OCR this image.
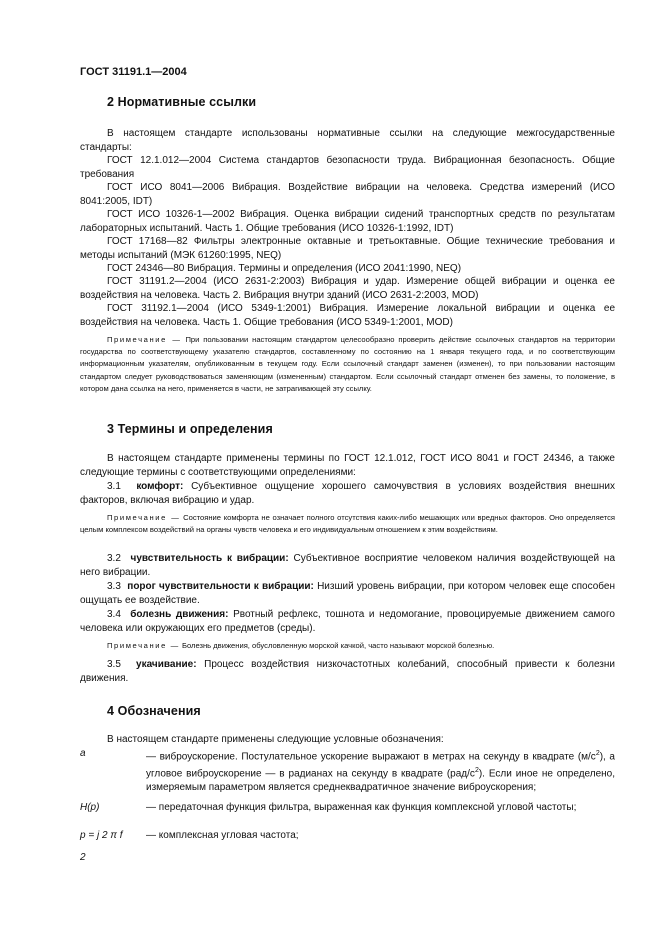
ГОСТ 31191.1—2004
2 Нормативные ссылки
В настоящем стандарте использованы нормативные ссылки на следующие межгосударственные стандарты:
ГОСТ 12.1.012—2004 Система стандартов безопасности труда. Вибрационная безопасность. Общие требования
ГОСТ ИСО 8041—2006 Вибрация. Воздействие вибрации на человека. Средства измерений (ИСО 8041:2005, IDT)
ГОСТ ИСО 10326-1—2002 Вибрация. Оценка вибрации сидений транспортных средств по результатам лабораторных испытаний. Часть 1. Общие требования (ИСО 10326-1:1992, IDT)
ГОСТ 17168—82 Фильтры электронные октавные и третьоктавные. Общие технические требования и методы испытаний (МЭК 61260:1995, NEQ)
ГОСТ 24346—80 Вибрация. Термины и определения (ИСО 2041:1990, NEQ)
ГОСТ 31191.2—2004 (ИСО 2631-2:2003) Вибрация и удар. Измерение общей вибрации и оценка ее воздействия на человека. Часть 2. Вибрация внутри зданий (ИСО 2631-2:2003, MOD)
ГОСТ 31192.1—2004 (ИСО 5349-1:2001) Вибрация. Измерение локальной вибрации и оценка ее воздействия на человека. Часть 1. Общие требования (ИСО 5349-1:2001, MOD)
Примечание — При пользовании настоящим стандартом целесообразно проверить действие ссылочных стандартов на территории государства по соответствующему указателю стандартов, составленному по состоянию на 1 января текущего года, и по соответствующим информационным указателям, опубликованным в текущем году. Если ссылочный стандарт заменен (изменен), то при пользовании настоящим стандартом следует руководствоваться заменяющим (измененным) стандартом. Если ссылочный стандарт отменен без замены, то положение, в котором дана ссылка на него, применяется в части, не затрагивающей эту ссылку.
3 Термины и определения
В настоящем стандарте применены термины по ГОСТ 12.1.012, ГОСТ ИСО 8041 и ГОСТ 24346, а также следующие термины с соответствующими определениями:
3.1 комфорт: Субъективное ощущение хорошего самочувствия в условиях воздействия внешних факторов, включая вибрацию и удар.
Примечание — Состояние комфорта не означает полного отсутствия каких-либо мешающих или вредных факторов. Оно определяется целым комплексом воздействий на органы чувств человека и его индивидуальным отношением к этим воздействиям.
3.2 чувствительность к вибрации: Субъективное восприятие человеком наличия воздействующей на него вибрации.
3.3 порог чувствительности к вибрации: Низший уровень вибрации, при котором человек еще способен ощущать ее воздействие.
3.4 болезнь движения: Рвотный рефлекс, тошнота и недомогание, провоцируемые движением самого человека или окружающих его предметов (среды).
Примечание — Болезнь движения, обусловленную морской качкой, часто называют морской болезнью.
3.5 укачивание: Процесс воздействия низкочастотных колебаний, способный привести к болезни движения.
4 Обозначения
В настоящем стандарте применены следующие условные обозначения:
a	— виброускорение. Постулательное ускорение выражают в метрах на секунду в квадрате $(м/с^2)$, а угловое виброускорение — в радианах на секунду в квадрате $(рад/с^2)$. Если иное не определено, измеряемым параметром является среднеквадратичное значение виброускорения;
H(p)	— передаточная функция фильтра, выраженная как функция комплексной угловой частоты;
p = j 2 π f — комплексная угловая частота;
2
